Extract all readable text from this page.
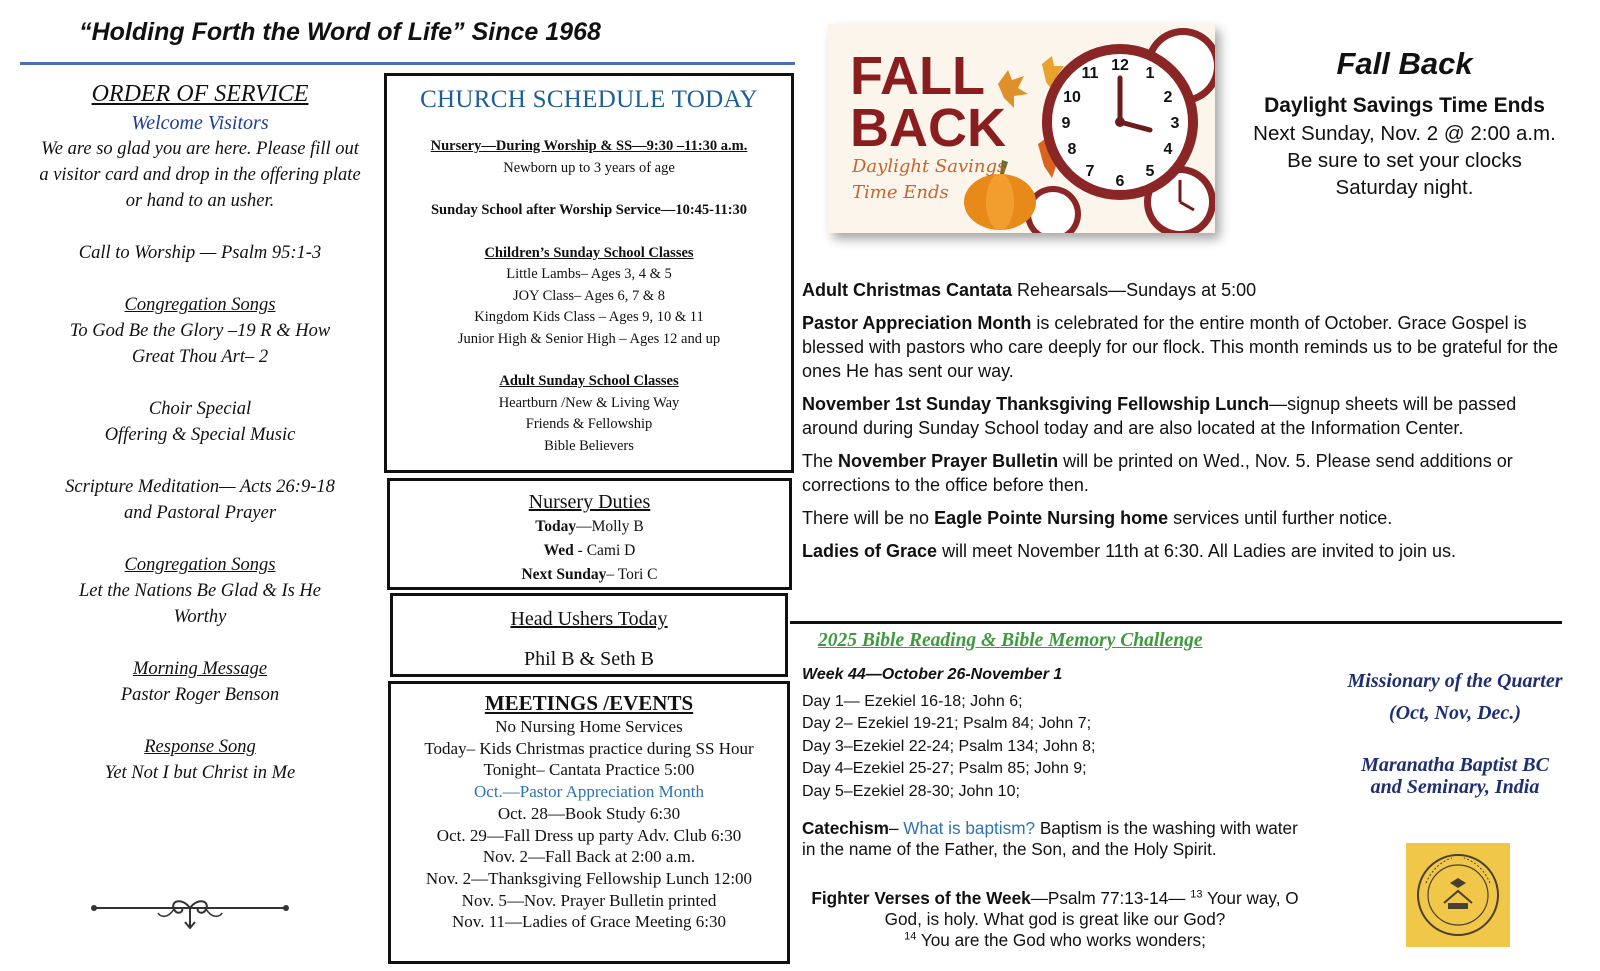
“Holding Forth the Word of Life” Since 1968
ORDER OF SERVICE
Welcome Visitors
We are so glad you are here. Please fill out
a visitor card and drop in the offering plate
or hand to an usher.
Call to Worship — Psalm 95:1-3
Congregation Songs
To God Be the Glory –19 R & How
Great Thou Art– 2
Choir Special
Offering & Special Music
Scripture Meditation— Acts 26:9-18
and Pastoral Prayer
Congregation Songs
Let the Nations Be Glad & Is He
Worthy
Morning Message
Pastor Roger Benson
Response Song
Yet Not I but Christ in Me
CHURCH SCHEDULE TODAY
Nursery—During Worship & SS—9:30 –11:30 a.m.
Newborn up to 3 years of age
Sunday School after Worship Service—10:45-11:30
Children’s Sunday School Classes
Little Lambs– Ages 3, 4 & 5
JOY Class– Ages 6, 7 & 8
Kingdom Kids Class – Ages 9, 10 & 11
Junior High & Senior High – Ages 12 and up
Adult Sunday School Classes
Heartburn /New & Living Way
Friends & Fellowship
Bible Believers
Nursery Duties
Today—Molly B
Wed - Cami D
Next Sunday– Tori C
Head Ushers Today
Phil B & Seth B
MEETINGS /EVENTS
No Nursing Home Services
Today– Kids Christmas practice during SS Hour
Tonight– Cantata Practice 5:00
Oct.—Pastor Appreciation Month
Oct. 28—Book Study 6:30
Oct. 29—Fall Dress up party Adv. Club 6:30
Nov. 2—Fall Back at 2:00 a.m.
Nov. 2—Thanksgiving Fellowship Lunch 12:00
Nov. 5—Nov. Prayer Bulletin printed
Nov. 11—Ladies of Grace Meeting 6:30
12 1
2
3
4
5
6
7
8
9
10
11
FALL
BACK
Daylight Savings
Time Ends
Fall Back
Daylight Savings Time Ends
Next Sunday, Nov. 2 @ 2:00 a.m.
Be sure to set your clocks
Saturday night.

Adult Christmas Cantata Rehearsals—Sundays at 5:00

Pastor Appreciation Month is celebrated for the entire month of October. Grace Gospel is blessed with pastors who care deeply for our flock. This month reminds us to be grateful for the ones He has sent our way.

November 1st Sunday Thanksgiving Fellowship Lunch—signup sheets will be passed around during Sunday School today and are also located at the Information Center.

The November Prayer Bulletin will be printed on Wed., Nov. 5. Please send additions or corrections to the office before then.

There will be no Eagle Pointe Nursing home services until further notice.

Ladies of Grace will meet November 11th at 6:30. All Ladies are invited to join us.

2025 Bible Reading & Bible Memory Challenge
Week 44—October 26-November 1
Day 1— Ezekiel 16-18; John 6;
Day 2– Ezekiel 19-21; Psalm 84; John 7;
Day 3–Ezekiel 22-24; Psalm 134; John 8;
Day 4–Ezekiel 25-27; Psalm 85; John 9;
Day 5–Ezekiel 28-30; John 10;
Catechism– What is baptism? Baptism is the washing with water in the name of the Father, the Son, and the Holy Spirit.
Fighter Verses of the Week—Psalm 77:13-14— $^{13}$ Your way, O God, is holy. What god is great like our God?
$^{14}$ You are the God who works wonders;
Missionary of the Quarter
(Oct, Nov, Dec.)
Maranatha Baptist BC
and Seminary, India
